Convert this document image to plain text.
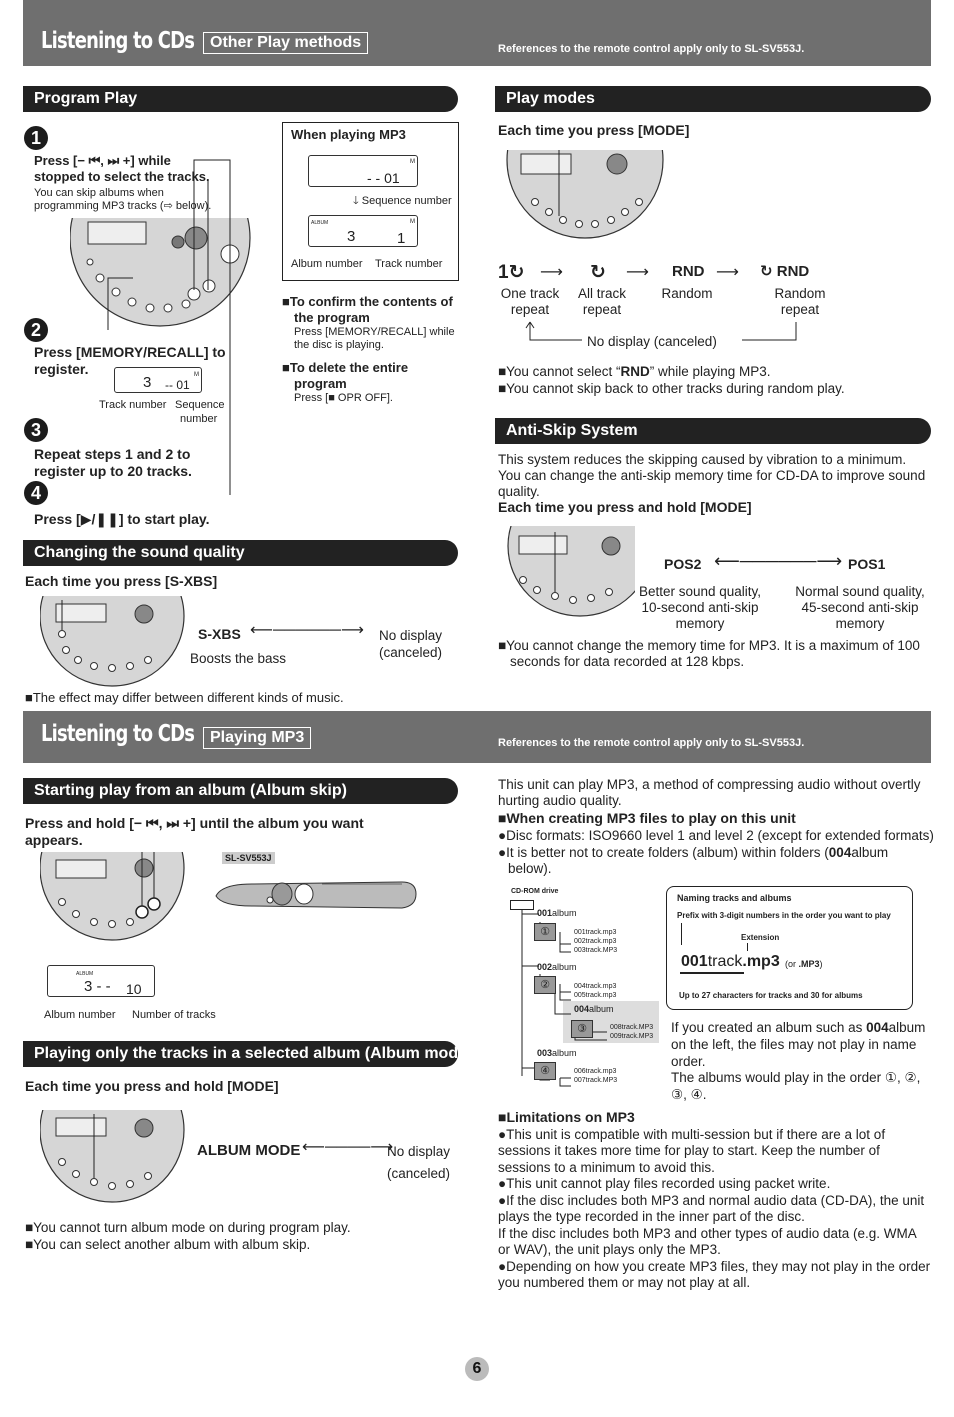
Listening to CDs Other Play methods	References to the remote control apply only to SL-SV553J.
Program Play
1
Press [− ⏮, ⏭ +] while
stopped to select the tracks.
You can skip albums when
programming MP3 tracks (⇨ below).
2
Press [MEMORY/RECALL] to
register.
3 -- 01
M
Track number Sequence
number
3
Repeat steps 1 and 2 to
register up to 20 tracks.
4
Press [▶/❚❚] to start play.
When playing MP3
- - 01
M
🡓 Sequence number
ALBUM
3	1
M
Album number Track number
■To confirm the contents of
the program
Press [MEMORY/RECALL] while
the disc is playing.
■To delete the entire
program
Press [■ OPR OFF].
Play modes
Each time you press [MODE]
1↻ ⟶ ↻ ⟶ RND ⟶ ↻ RND
One track
repeat
All track
repeat
Random	Random
repeat
No display (canceled)
■You cannot select “RND” while playing MP3.
■You cannot skip back to other tracks during random play.
Anti-Skip System
This system reduces the skipping caused by vibration to a minimum.
You can change the anti-skip memory time for CD-DA to improve sound
quality.
Each time you press and hold [MODE]
POS2 ⟵──────⟶ POS1
Better sound quality,
10-second anti-skip
memory
Normal sound quality,
45-second anti-skip
memory
■You cannot change the memory time for MP3. It is a maximum of 100
seconds for data recorded at 128 kbps.
Changing the sound quality
Each time you press [S-XBS]
S-XBS ⟵──────⟶ No display
(canceled)
Boosts the bass
■The effect may differ between different kinds of music.
Listening to CDs Playing MP3	References to the remote control apply only to SL-SV553J.
Starting play from an album (Album skip)
Press and hold [− ⏮, ⏭ +] until the album you want
appears.
SL-SV553J
ALBUM
3 - - 10
Album number Number of tracks
Playing only the tracks in a selected album (Album mode)
Each time you press and hold [MODE]
ALBUM MODE ⟵────⟶
No display
(canceled)
■You cannot turn album mode on during program play.
■You can select another album with album skip.
This unit can play MP3, a method of compressing audio without overtly
hurting audio quality.
■When creating MP3 files to play on this unit
●Disc formats: ISO9660 level 1 and level 2 (except for extended formats)
●It is better not to create folders (album) within folders (004album
below).
CD-ROM drive
001album
①	001track.mp3
002track.mp3
003track.MP3
002album
②	004track.mp3
005track.mp3
004album
③	008track.MP3
009track.MP3
003album
④	006track.mp3
007track.MP3
Naming tracks and albums
Prefix with 3-digit numbers in the order you want to play
Extension
001track.mp3 (or .MP3)
Up to 27 characters for tracks and 30 for albums
If you created an album such as 004album
on the left, the files may not play in name
order.
The albums would play in the order ①, ②,
③, ④.
■Limitations on MP3
●This unit is compatible with multi-session but if there are a lot of
sessions it takes more time for play to start. Keep the number of
sessions to a minimum to avoid this.
●This unit cannot play files recorded using packet write.
●If the disc includes both MP3 and normal audio data (CD-DA), the unit
plays the type recorded in the inner part of the disc.
If the disc includes both MP3 and other types of audio data (e.g. WMA
or WAV), the unit plays only the MP3.
●Depending on how you create MP3 files, they may not play in the order
you numbered them or may not play at all.
6
